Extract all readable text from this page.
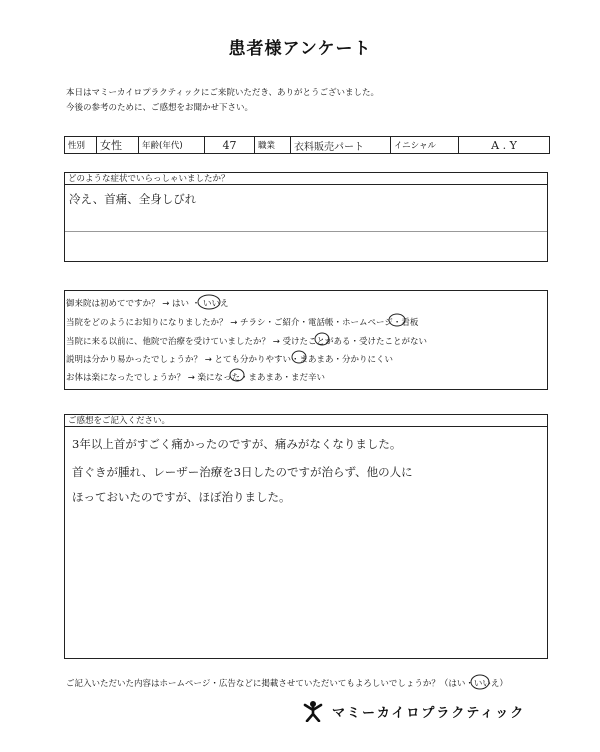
患者様アンケート
本日はマミーカイロプラクティックにご来院いただき、ありがとうございました。
今後の参考のために、ご感想をお聞かせ下さい。
性別	女性	年齢(年代)	47	職業	衣料販売パート	イニシャル	A . Y
どのような症状でいらっしゃいましたか？
冷え、首痛、全身しびれ
御来院は初めてですか？ → はい ・ いいえ
当院をどのようにお知りになりましたか？ → チラシ・ご紹介・電話帳・ホームページ・看板
当院に来る以前に、他院で治療を受けていましたか？ → 受けたことがある・受けたことがない
説明は分かり易かったでしょうか？ → とても分かりやすい・まあまあ・分かりにくい
お体は楽になったでしょうか？ → 楽になった・まあまあ・まだ辛い
ご感想をご記入ください。
3年以上首がすごく痛かったのですが、痛みがなくなりました。
首ぐきが腫れ、レーザー治療を3日したのですが治らず、他の人に
ほっておいたのですが、ほぼ治りました。
ご記入いただいた内容はホームページ・広告などに掲載させていただいてもよろしいでしょうか？（はい・いいえ）
マミーカイロプラクティック
